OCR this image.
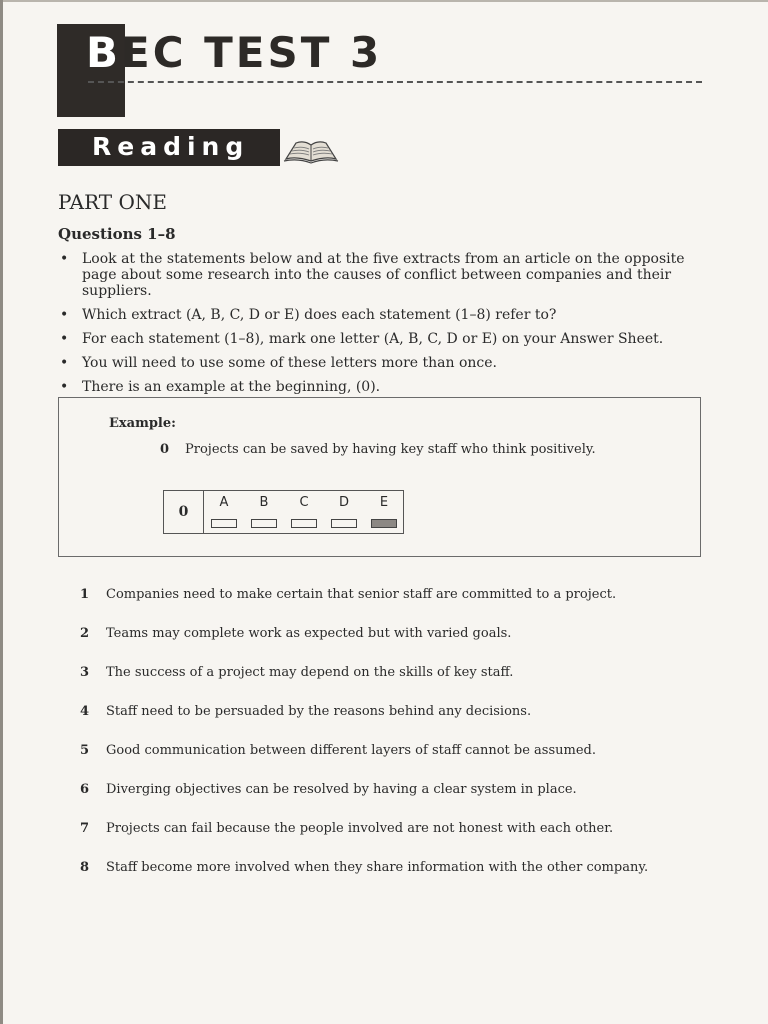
BEC TEST 3
Reading
PART ONE
Questions 1–8
• Look at the statements below and at the five extracts from an article on the opposite page about some research into the causes of conflict between companies and their suppliers.
• Which extract (A, B, C, D or E) does each statement (1–8) refer to?
• For each statement (1–8), mark one letter (A, B, C, D or E) on your Answer Sheet.
• You will need to use some of these letters more than once.
• There is an example at the beginning, (0).
Example:
0 Projects can be saved by having key staff who think positively.
0
A	B	C	D	E
1	Companies need to make certain that senior staff are committed to a project.
2	Teams may complete work as expected but with varied goals.
3	The success of a project may depend on the skills of key staff.
4	Staff need to be persuaded by the reasons behind any decisions.
5	Good communication between different layers of staff cannot be assumed.
6	Diverging objectives can be resolved by having a clear system in place.
7	Projects can fail because the people involved are not honest with each other.
8	Staff become more involved when they share information with the other company.
